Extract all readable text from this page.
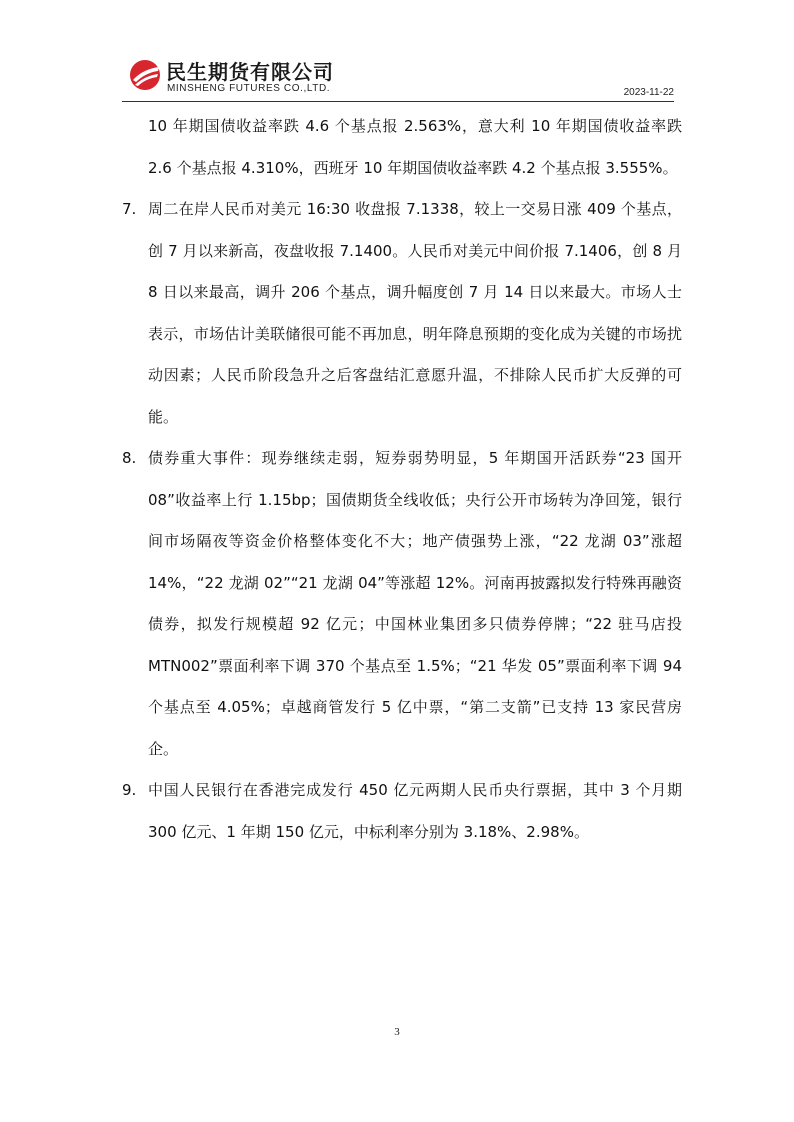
民生期货有限公司
MINSHENG FUTURES CO.,LTD.	2023-11-22
10 年期国债收益率跌 4.6 个基点报 2.563%，意大利 10 年期国债收益率跌 2.6 个基点报 4.310%，西班牙 10 年期国债收益率跌 4.2 个基点报 3.555%。
7. 周二在岸人民币对美元 16:30 收盘报 7.1338，较上一交易日涨 409 个基点，创 7 月以来新高，夜盘收报 7.1400。人民币对美元中间价报 7.1406，创 8 月 8 日以来最高，调升 206 个基点，调升幅度创 7 月 14 日以来最大。市场人士表示，市场估计美联储很可能不再加息，明年降息预期的变化成为关键的市场扰动因素；人民币阶段急升之后客盘结汇意愿升温，不排除人民币扩大反弹的可能。
8. 债券重大事件：现券继续走弱，短券弱势明显，5 年期国开活跃券“23 国开 08”收益率上行 1.15bp；国债期货全线收低；央行公开市场转为净回笼，银行间市场隔夜等资金价格整体变化不大；地产债强势上涨，“22 龙湖 03”涨超 14%，“22 龙湖 02”“21 龙湖 04”等涨超 12%。河南再披露拟发行特殊再融资债券，拟发行规模超 92 亿元；中国林业集团多只债券停牌；“22 驻马店投 MTN002”票面利率下调 370 个基点至 1.5%；“21 华发 05”票面利率下调 94 个基点至 4.05%；卓越商管发行 5 亿中票，“第二支箭”已支持 13 家民营房企。
9. 中国人民银行在香港完成发行 450 亿元两期人民币央行票据，其中 3 个月期 300 亿元、1 年期 150 亿元，中标利率分别为 3.18%、2.98%。
3
